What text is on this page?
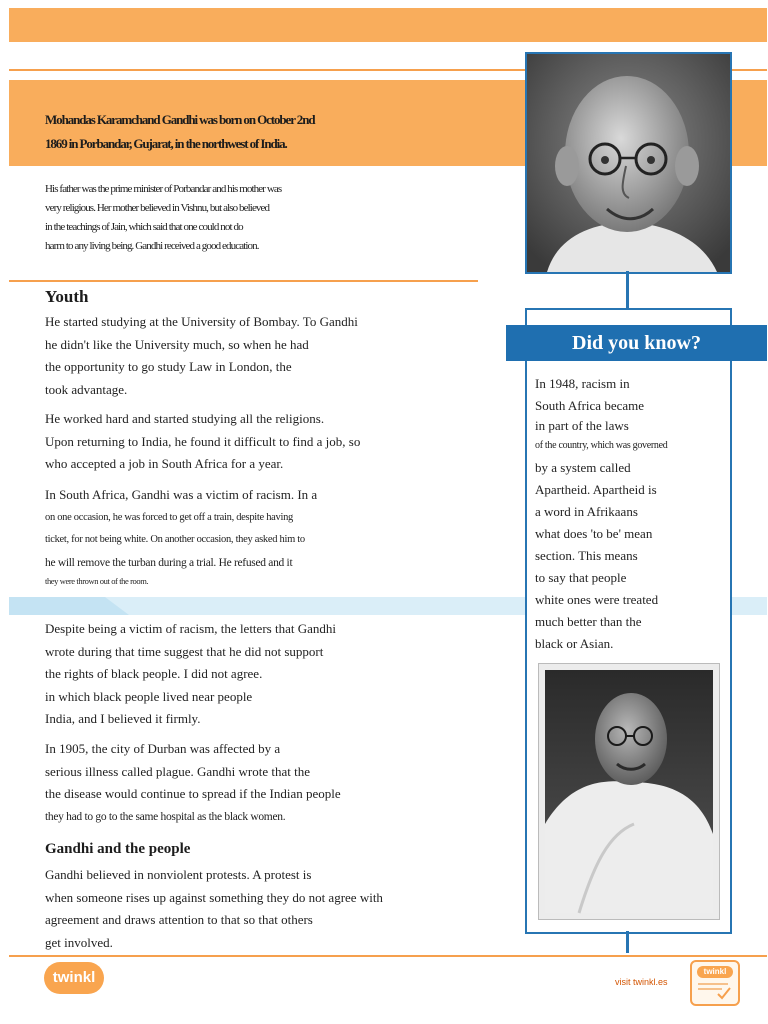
Mohandas Karamchand Gandhi was born on October 2nd
1869 in Porbandar, Gujarat, in the northwest of India.
His father was the prime minister of Porbandar and his mother was
very religious. Her mother believed in Vishnu, but also believed
in the teachings of Jain, which said that one could not do
harm to any living being. Gandhi received a good education.
Youth
He started studying at the University of Bombay. To Gandhi
he didn't like the University much, so when he had
the opportunity to go study Law in London, the
took advantage.
He worked hard and started studying all the religions.
Upon returning to India, he found it difficult to find a job, so
who accepted a job in South Africa for a year.
In South Africa, Gandhi was a victim of racism. In a
on one occasion, he was forced to get off a train, despite having
ticket, for not being white. On another occasion, they asked him to
he will remove the turban during a trial. He refused and it
they were thrown out of the room.
Despite being a victim of racism, the letters that Gandhi
wrote during that time suggest that he did not support
the rights of black people. I did not agree.
in which black people lived near people
India, and I believed it firmly.
In 1905, the city of Durban was affected by a
serious illness called plague. Gandhi wrote that the
the disease would continue to spread if the Indian people
they had to go to the same hospital as the black women.
Gandhi and the people
Gandhi believed in nonviolent protests. A protest is
when someone rises up against something they do not agree with
agreement and draws attention to that so that others
get involved.
Did you know?
In 1948, racism in
South Africa became
in part of the laws
of the country, which was governed
by a system called
Apartheid. Apartheid is
a word in Afrikaans
what does 'to be' mean
section. This means
to say that people
white ones were treated
much better than the
black or Asian.
twinkl	visit twinkl.es
twinkl
